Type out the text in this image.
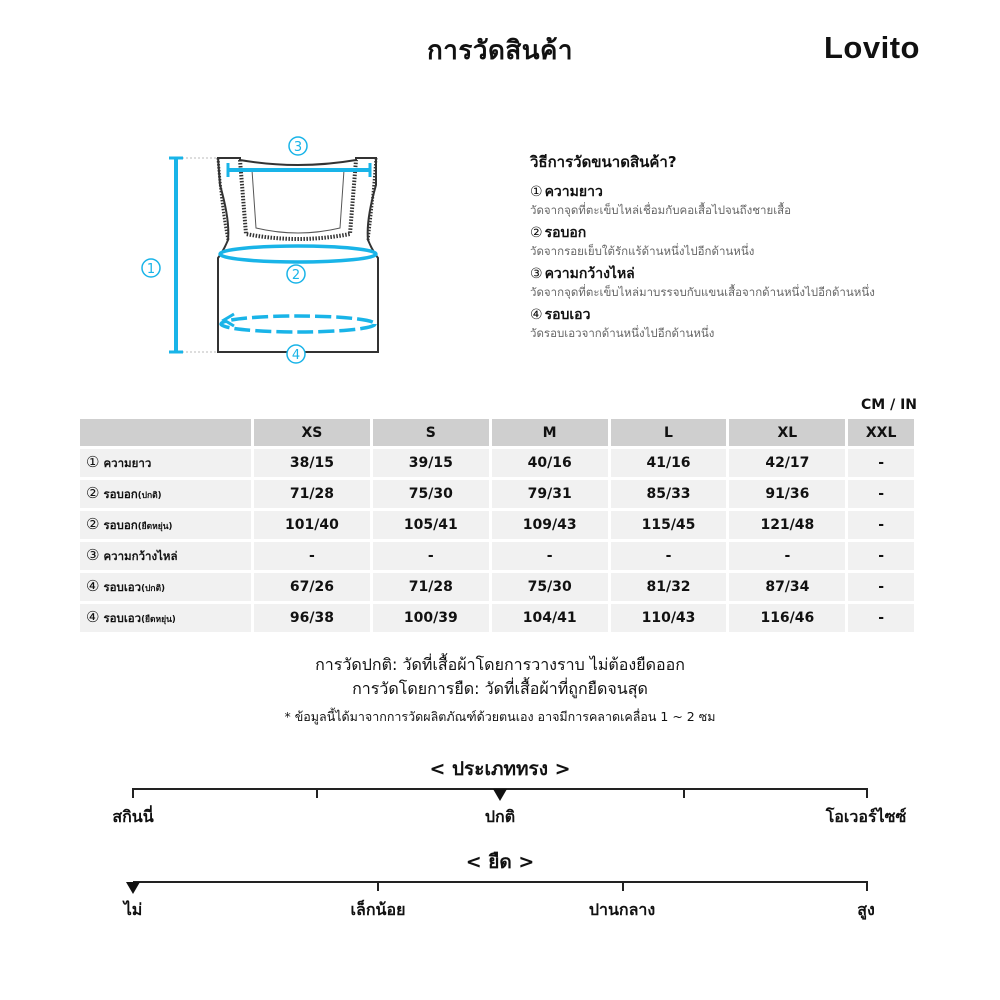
การวัดสินค้า	Lovito
1
3
2
4
วิธีการวัดขนาดสินค้า?
① ความยาว
วัดจากจุดที่ตะเข็บไหล่เชื่อมกับคอเสื้อไปจนถึงชายเสื้อ
② รอบอก
วัดจากรอยเย็บใต้รักแร้ด้านหนึ่งไปอีกด้านหนึ่ง
③ ความกว้างไหล่
วัดจากจุดที่ตะเข็บไหล่มาบรรจบกับแขนเสื้อจากด้านหนึ่งไปอีกด้านหนึ่ง
④ รอบเอว
วัดรอบเอวจากด้านหนึ่งไปอีกด้านหนึ่ง
CM / IN
	XS	S	M	L	XL	XXL
① ความยาว	38/15	39/15	40/16	41/16	42/17	-
② รอบอก(ปกติ)	71/28	75/30	79/31	85/33	91/36	-
② รอบอก(ยืดหยุ่น)	101/40	105/41	109/43	115/45	121/48	-
③ ความกว้างไหล่	-	-	-	-	-	-
④ รอบเอว(ปกติ)	67/26	71/28	75/30	81/32	87/34	-
④ รอบเอว(ยืดหยุ่น)	96/38	100/39	104/41	110/43	116/46	-
การวัดปกติ: วัดที่เสื้อผ้าโดยการวางราบ ไม่ต้องยืดออก
การวัดโดยการยืด: วัดที่เสื้อผ้าที่ถูกยืดจนสุด
* ข้อมูลนี้ได้มาจากการวัดผลิตภัณฑ์ด้วยตนเอง อาจมีการคลาดเคลื่อน 1 ~ 2 ซม
< ประเภททรง >
สกินนี่	ปกติ	โอเวอร์ไซซ์
< ยืด >
ไม่	เล็กน้อย	ปานกลาง	สูง
